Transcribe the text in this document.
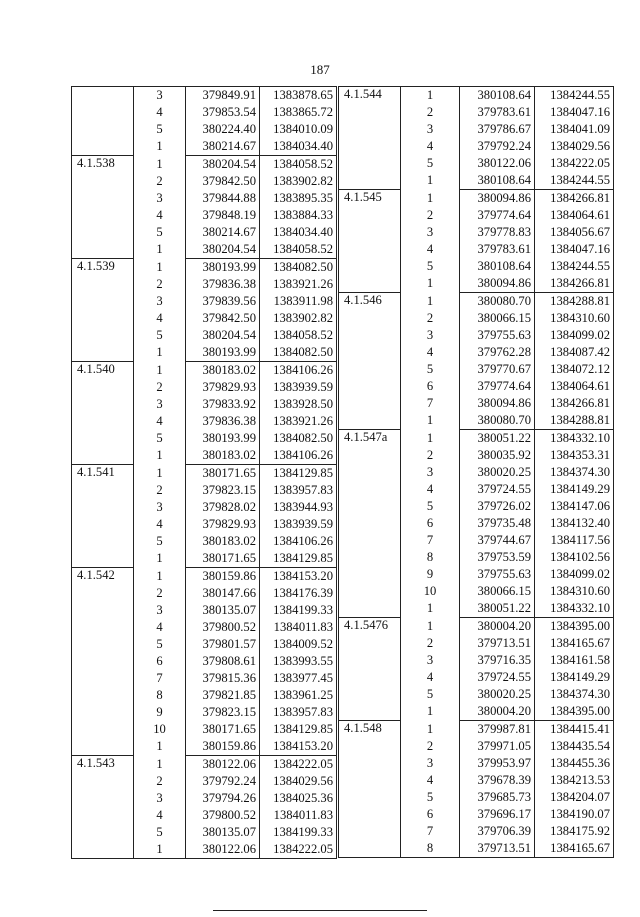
187
	3	379849.91	1383878.65
	4	379853.54	1383865.72
	5	380224.40	1384010.09
	1	380214.67	1384034.40
4.1.538	1	380204.54	1384058.52
	2	379842.50	1383902.82
	3	379844.88	1383895.35
	4	379848.19	1383884.33
	5	380214.67	1384034.40
	1	380204.54	1384058.52
4.1.539	1	380193.99	1384082.50
	2	379836.38	1383921.26
	3	379839.56	1383911.98
	4	379842.50	1383902.82
	5	380204.54	1384058.52
	1	380193.99	1384082.50
4.1.540	1	380183.02	1384106.26
	2	379829.93	1383939.59
	3	379833.92	1383928.50
	4	379836.38	1383921.26
	5	380193.99	1384082.50
	1	380183.02	1384106.26
4.1.541	1	380171.65	1384129.85
	2	379823.15	1383957.83
	3	379828.02	1383944.93
	4	379829.93	1383939.59
	5	380183.02	1384106.26
	1	380171.65	1384129.85
4.1.542	1	380159.86	1384153.20
	2	380147.66	1384176.39
	3	380135.07	1384199.33
	4	379800.52	1384011.83
	5	379801.57	1384009.52
	6	379808.61	1383993.55
	7	379815.36	1383977.45
	8	379821.85	1383961.25
	9	379823.15	1383957.83
	10	380171.65	1384129.85
	1	380159.86	1384153.20
4.1.543	1	380122.06	1384222.05
	2	379792.24	1384029.56
	3	379794.26	1384025.36
	4	379800.52	1384011.83
	5	380135.07	1384199.33
	1	380122.06	1384222.05
4.1.544	1	380108.64	1384244.55
	2	379783.61	1384047.16
	3	379786.67	1384041.09
	4	379792.24	1384029.56
	5	380122.06	1384222.05
	1	380108.64	1384244.55
4.1.545	1	380094.86	1384266.81
	2	379774.64	1384064.61
	3	379778.83	1384056.67
	4	379783.61	1384047.16
	5	380108.64	1384244.55
	1	380094.86	1384266.81
4.1.546	1	380080.70	1384288.81
	2	380066.15	1384310.60
	3	379755.63	1384099.02
	4	379762.28	1384087.42
	5	379770.67	1384072.12
	6	379774.64	1384064.61
	7	380094.86	1384266.81
	1	380080.70	1384288.81
4.1.547a	1	380051.22	1384332.10
	2	380035.92	1384353.31
	3	380020.25	1384374.30
	4	379724.55	1384149.29
	5	379726.02	1384147.06
	6	379735.48	1384132.40
	7	379744.67	1384117.56
	8	379753.59	1384102.56
	9	379755.63	1384099.02
	10	380066.15	1384310.60
	1	380051.22	1384332.10
4.1.5476	1	380004.20	1384395.00
	2	379713.51	1384165.67
	3	379716.35	1384161.58
	4	379724.55	1384149.29
	5	380020.25	1384374.30
	1	380004.20	1384395.00
4.1.548	1	379987.81	1384415.41
	2	379971.05	1384435.54
	3	379953.97	1384455.36
	4	379678.39	1384213.53
	5	379685.73	1384204.07
	6	379696.17	1384190.07
	7	379706.39	1384175.92
	8	379713.51	1384165.67
